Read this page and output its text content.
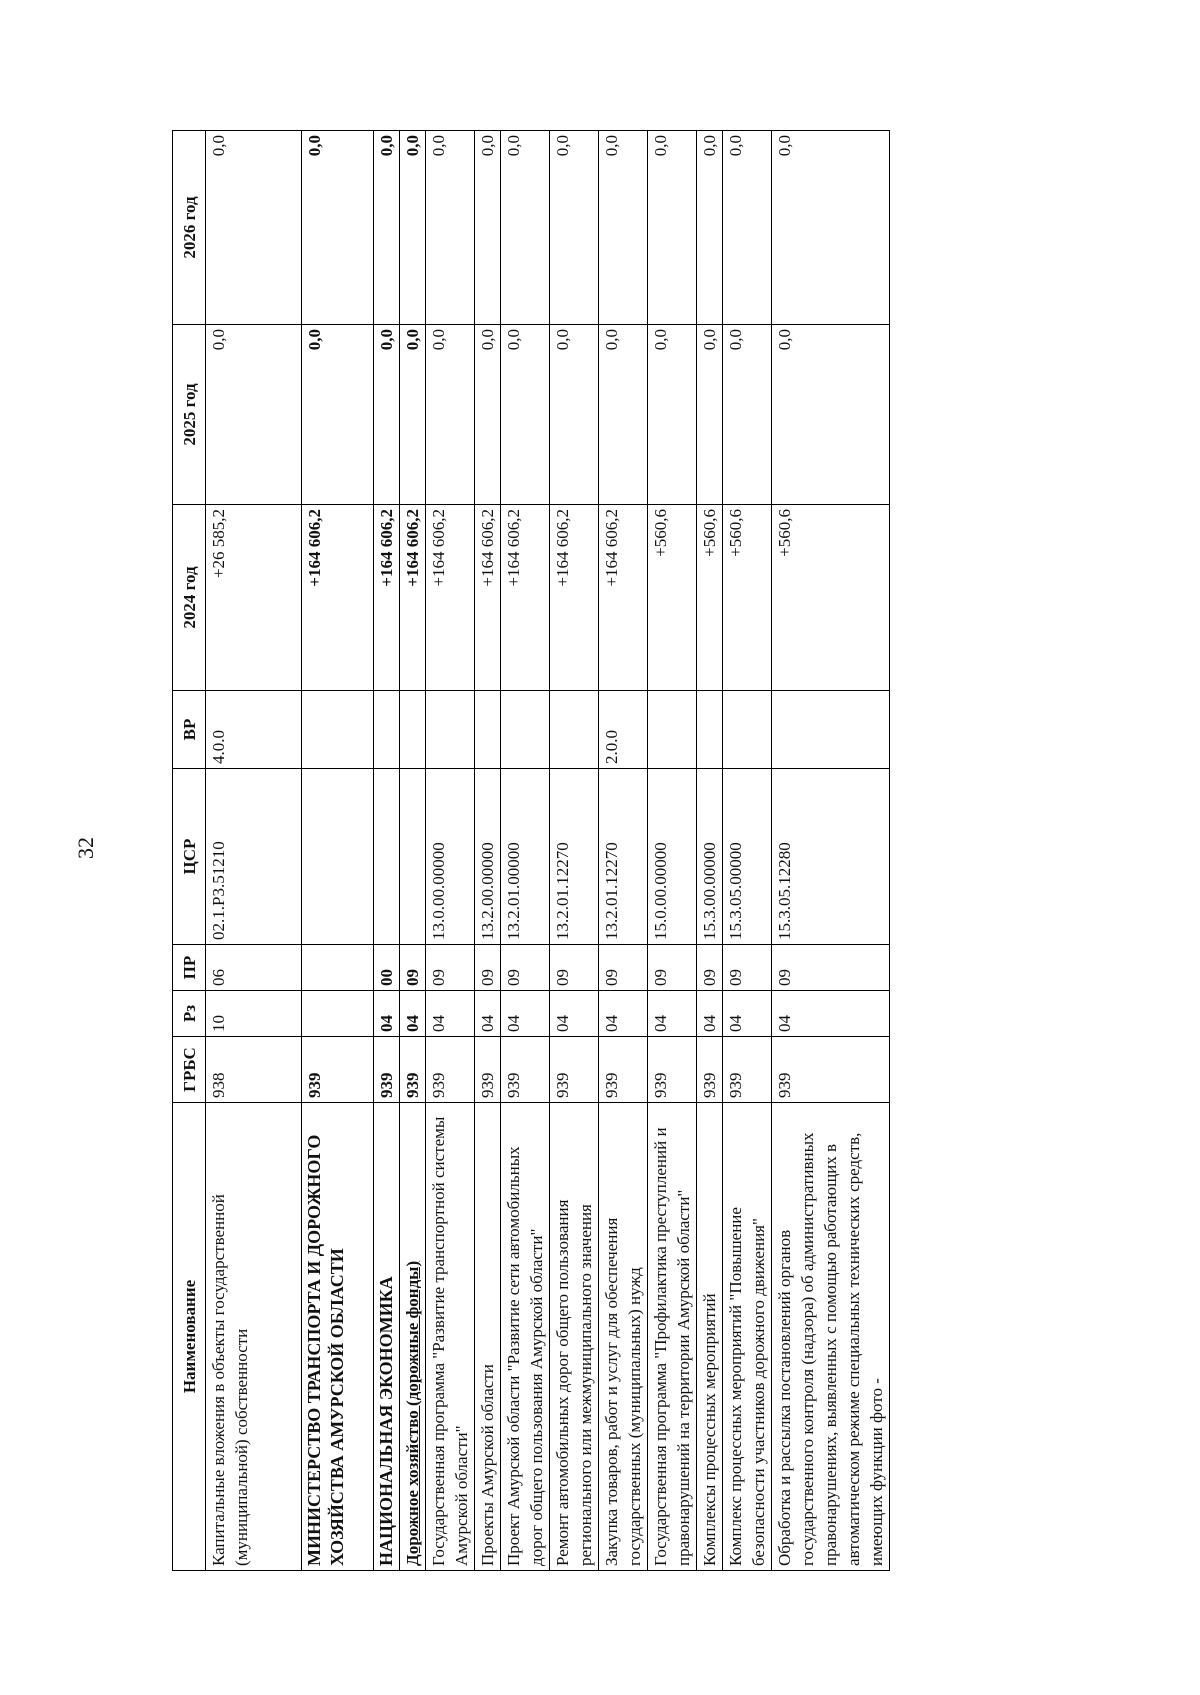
32
Наименование	ГРБС	Рз	ПР	ЦСР	ВР	2024 год	2025 год	2026 год
Капитальные вложения в объекты государственной (муниципальной) собственности	938	10	06	02.1.Р3.51210	4.0.0	+26 585,2	0,0	0,0
МИНИСТЕРСТВО ТРАНСПОРТА И ДОРОЖНОГО ХОЗЯЙСТВА АМУРСКОЙ ОБЛАСТИ	939					+164 606,2	0,0	0,0
НАЦИОНАЛЬНАЯ ЭКОНОМИКА	939	04	00			+164 606,2	0,0	0,0
Дорожное хозяйство (дорожные фонды)	939	04	09			+164 606,2	0,0	0,0
Государственная программа "Развитие транспортной системы Амурской области"	939	04	09	13.0.00.00000		+164 606,2	0,0	0,0
Проекты Амурской области	939	04	09	13.2.00.00000		+164 606,2	0,0	0,0
Проект Амурской области "Развитие сети автомобильных дорог общего пользования Амурской области"	939	04	09	13.2.01.00000		+164 606,2	0,0	0,0
Ремонт автомобильных дорог общего пользования регионального или межмуниципального значения	939	04	09	13.2.01.12270		+164 606,2	0,0	0,0
Закупка товаров, работ и услуг для обеспечения государственных (муниципальных) нужд	939	04	09	13.2.01.12270	2.0.0	+164 606,2	0,0	0,0
Государственная программа "Профилактика преступлений и правонарушений на территории Амурской области"	939	04	09	15.0.00.00000		+560,6	0,0	0,0
Комплексы процессных мероприятий	939	04	09	15.3.00.00000		+560,6	0,0	0,0
Комплекс процессных мероприятий "Повышение безопасности участников дорожного движения"	939	04	09	15.3.05.00000		+560,6	0,0	0,0
Обработка и рассылка постановлений органов государственного контроля (надзора) об административных правонарушениях, выявленных с помощью работающих в автоматическом режиме специальных технических средств, имеющих функции фото -	939	04	09	15.3.05.12280		+560,6	0,0	0,0
